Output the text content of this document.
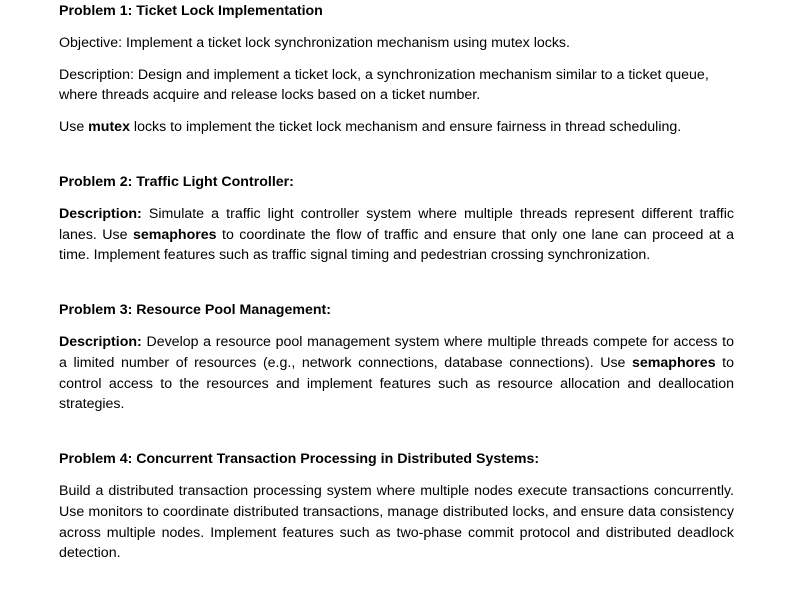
Problem 1: Ticket Lock Implementation

Objective: Implement a ticket lock synchronization mechanism using mutex locks.

Description: Design and implement a ticket lock, a synchronization mechanism similar to a ticket queue, where threads acquire and release locks based on a ticket number.

Use mutex locks to implement the ticket lock mechanism and ensure fairness in thread scheduling.

Problem 2: Traffic Light Controller:

Description: Simulate a traffic light controller system where multiple threads represent different traffic lanes. Use semaphores to coordinate the flow of traffic and ensure that only one lane can proceed at a time. Implement features such as traffic signal timing and pedestrian crossing synchronization.

Problem 3: Resource Pool Management:

Description: Develop a resource pool management system where multiple threads compete for access to a limited number of resources (e.g., network connections, database connections). Use semaphores to control access to the resources and implement features such as resource allocation and deallocation strategies.

Problem 4: Concurrent Transaction Processing in Distributed Systems:

Build a distributed transaction processing system where multiple nodes execute transactions concurrently. Use monitors to coordinate distributed transactions, manage distributed locks, and ensure data consistency across multiple nodes. Implement features such as two-phase commit protocol and distributed deadlock detection.
